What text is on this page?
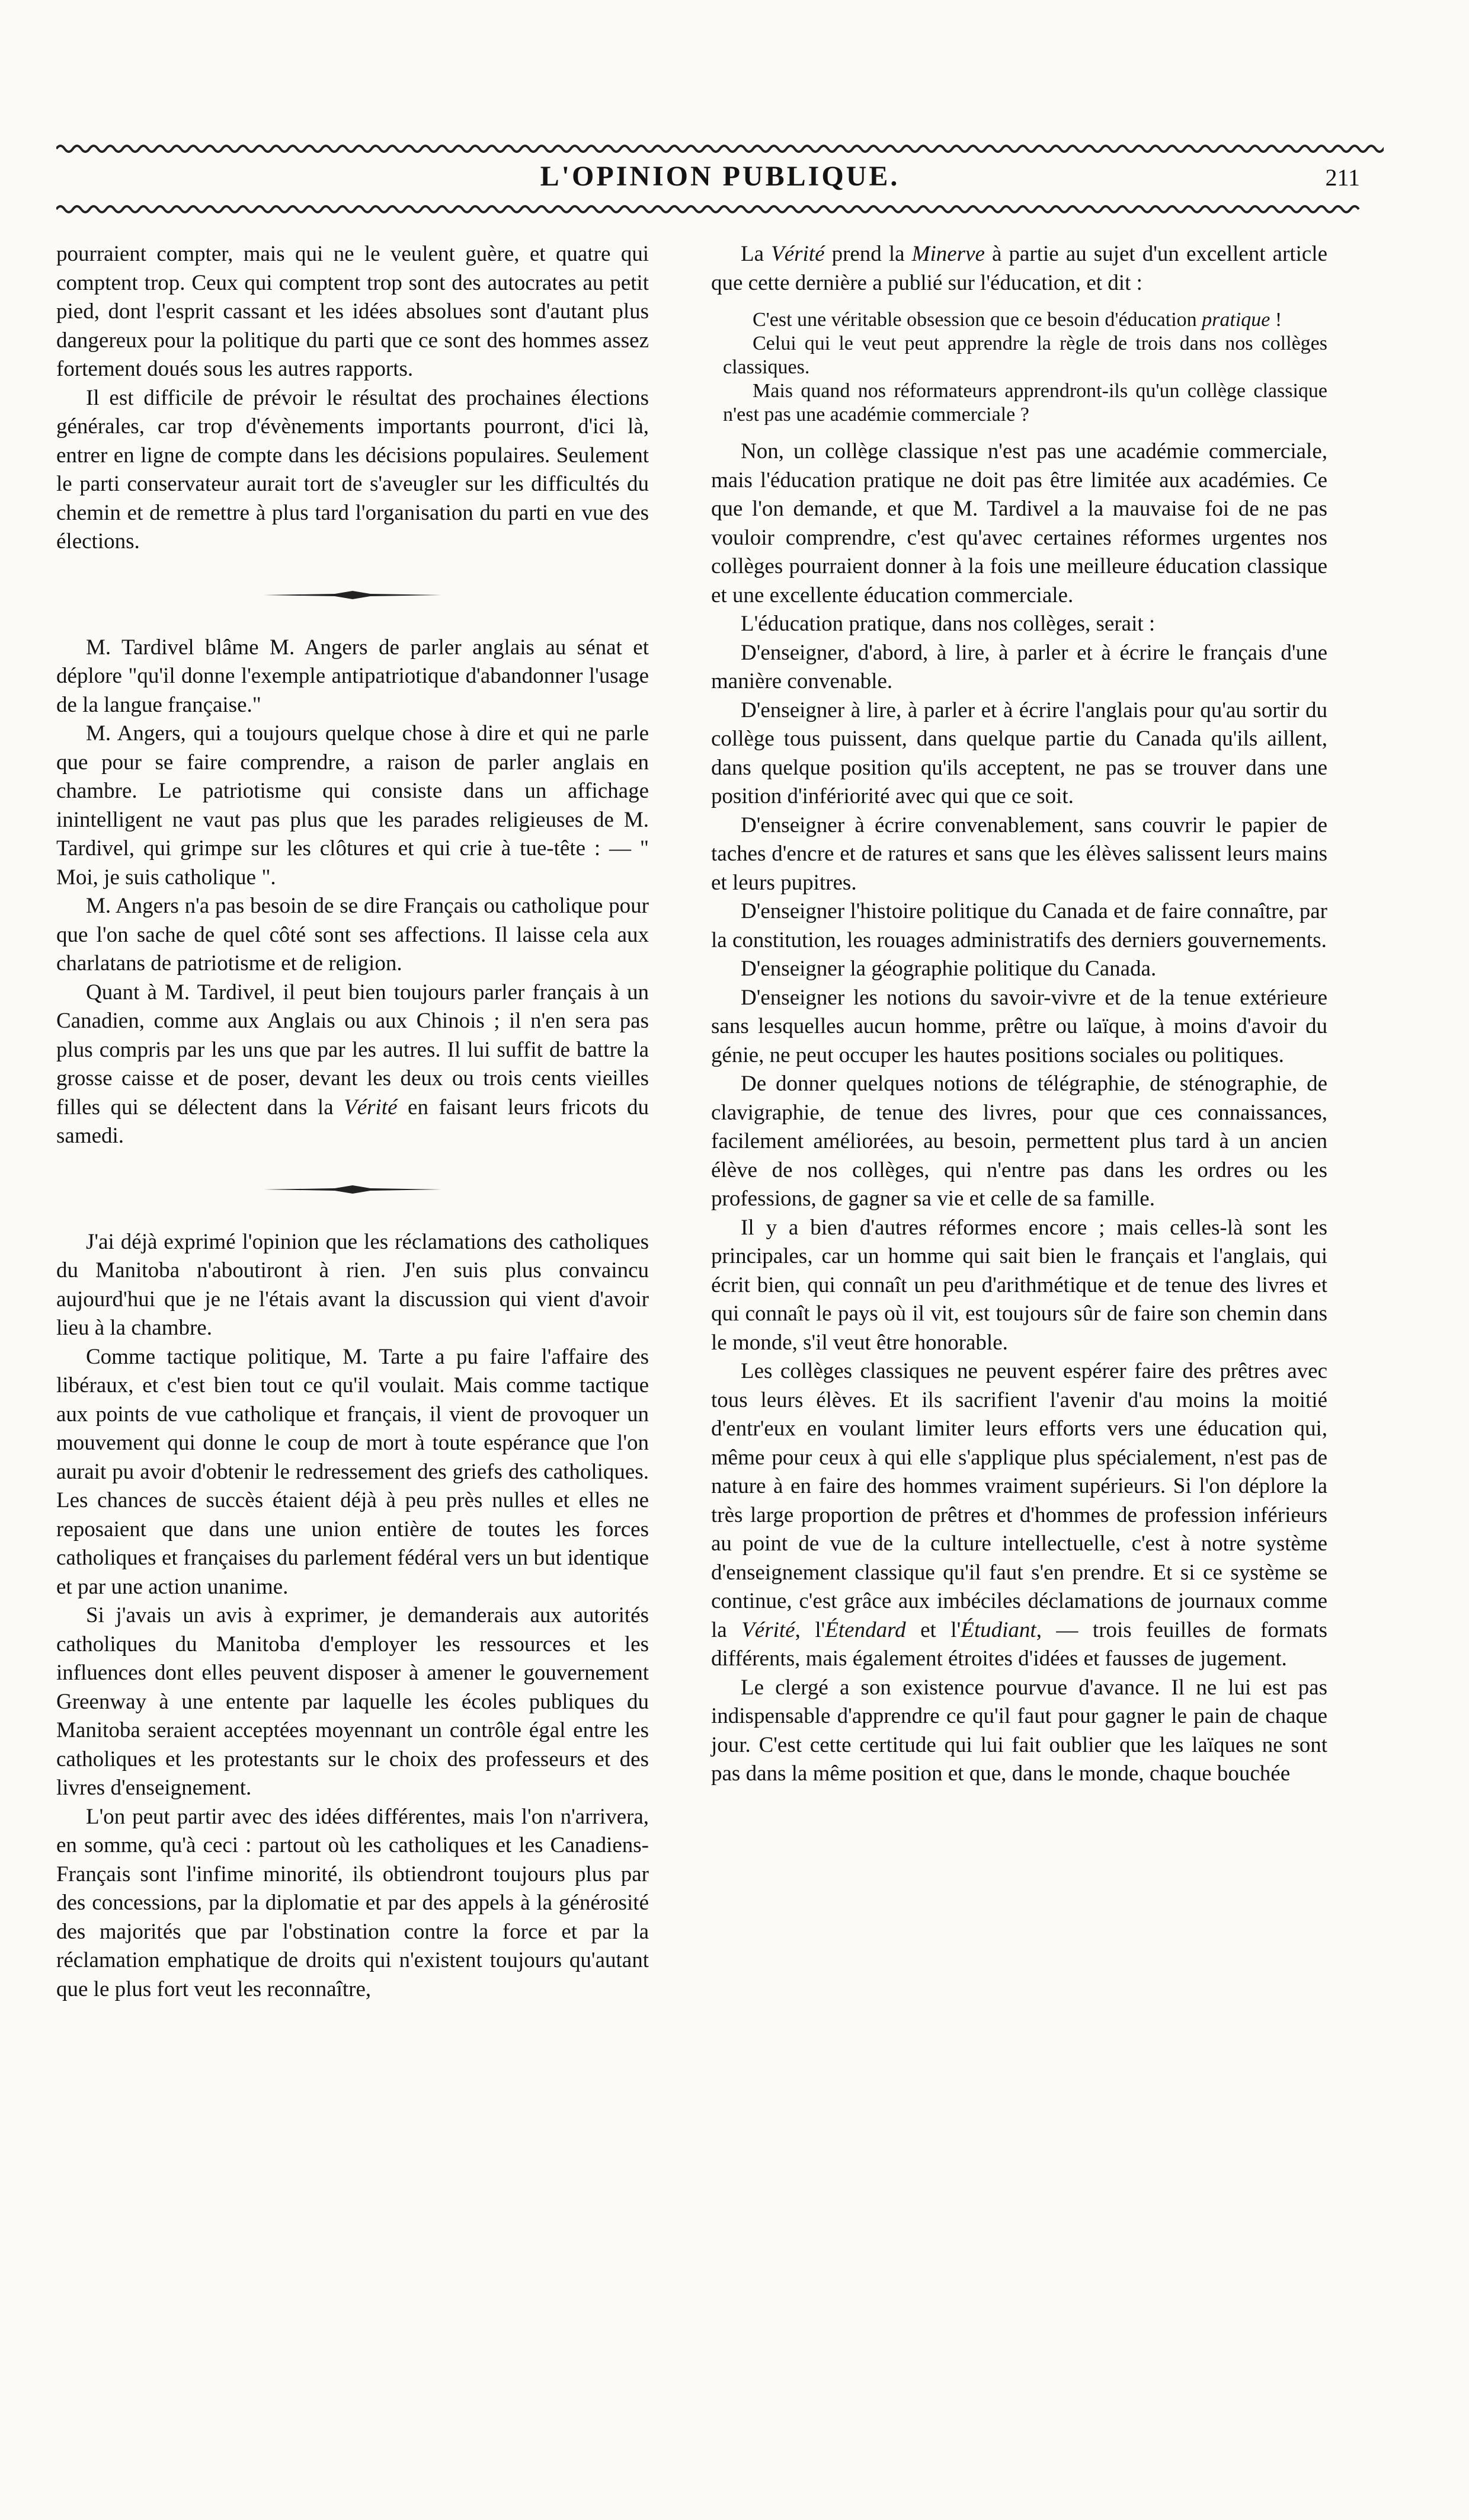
L'OPINION PUBLIQUE.	211

pourraient compter, mais qui ne le veulent guère, et quatre qui comptent trop. Ceux qui comptent trop sont des autocrates au petit pied, dont l'esprit cassant et les idées absolues sont d'autant plus dangereux pour la politique du parti que ce sont des hommes assez fortement doués sous les autres rapports.

Il est difficile de prévoir le résultat des prochaines élections générales, car trop d'évènements importants pourront, d'ici là, entrer en ligne de compte dans les décisions populaires. Seulement le parti conservateur aurait tort de s'aveugler sur les difficultés du chemin et de remettre à plus tard l'organisation du parti en vue des élections.

M. Tardivel blâme M. Angers de parler anglais au sénat et déplore "qu'il donne l'exemple antipatriotique d'abandonner l'usage de la langue française."

M. Angers, qui a toujours quelque chose à dire et qui ne parle que pour se faire comprendre, a raison de parler anglais en chambre. Le patriotisme qui consiste dans un affichage inintelligent ne vaut pas plus que les parades religieuses de M. Tardivel, qui grimpe sur les clôtures et qui crie à tue-tête : — " Moi, je suis catholique ".

M. Angers n'a pas besoin de se dire Français ou catholique pour que l'on sache de quel côté sont ses affections. Il laisse cela aux charlatans de patriotisme et de religion.

Quant à M. Tardivel, il peut bien toujours parler français à un Canadien, comme aux Anglais ou aux Chinois ; il n'en sera pas plus compris par les uns que par les autres. Il lui suffit de battre la grosse caisse et de poser, devant les deux ou trois cents vieilles filles qui se délectent dans la Vérité en faisant leurs fricots du samedi.

J'ai déjà exprimé l'opinion que les réclamations des catholiques du Manitoba n'aboutiront à rien. J'en suis plus convaincu aujourd'hui que je ne l'étais avant la discussion qui vient d'avoir lieu à la chambre.

Comme tactique politique, M. Tarte a pu faire l'affaire des libéraux, et c'est bien tout ce qu'il voulait. Mais comme tactique aux points de vue catholique et français, il vient de provoquer un mouvement qui donne le coup de mort à toute espérance que l'on aurait pu avoir d'obtenir le redressement des griefs des catholiques. Les chances de succès étaient déjà à peu près nulles et elles ne reposaient que dans une union entière de toutes les forces catholiques et françaises du parlement fédéral vers un but identique et par une action unanime.

Si j'avais un avis à exprimer, je demanderais aux autorités catholiques du Manitoba d'employer les ressources et les influences dont elles peuvent disposer à amener le gouvernement Greenway à une entente par laquelle les écoles publiques du Manitoba seraient acceptées moyennant un contrôle égal entre les catholiques et les protestants sur le choix des professeurs et des livres d'enseignement.

L'on peut partir avec des idées différentes, mais l'on n'arrivera, en somme, qu'à ceci : partout où les catholiques et les Canadiens-Français sont l'infime minorité, ils obtiendront toujours plus par des concessions, par la diplomatie et par des appels à la générosité des majorités que par l'obstination contre la force et par la réclamation emphatique de droits qui n'existent toujours qu'autant que le plus fort veut les reconnaître,

La Vérité prend la Minerve à partie au sujet d'un excellent article que cette dernière a publié sur l'éducation, et dit :

C'est une véritable obsession que ce besoin d'éducation pratique !

Celui qui le veut peut apprendre la règle de trois dans nos collèges classiques.

Mais quand nos réformateurs apprendront-ils qu'un collège classique n'est pas une académie commerciale ?

Non, un collège classique n'est pas une académie commerciale, mais l'éducation pratique ne doit pas être limitée aux académies. Ce que l'on demande, et que M. Tardivel a la mauvaise foi de ne pas vouloir comprendre, c'est qu'avec certaines réformes urgentes nos collèges pourraient donner à la fois une meilleure éducation classique et une excellente éducation commerciale.

L'éducation pratique, dans nos collèges, serait :

D'enseigner, d'abord, à lire, à parler et à écrire le français d'une manière convenable.

D'enseigner à lire, à parler et à écrire l'anglais pour qu'au sortir du collège tous puissent, dans quelque partie du Canada qu'ils aillent, dans quelque position qu'ils acceptent, ne pas se trouver dans une position d'infériorité avec qui que ce soit.

D'enseigner à écrire convenablement, sans couvrir le papier de taches d'encre et de ratures et sans que les élèves salissent leurs mains et leurs pupitres.

D'enseigner l'histoire politique du Canada et de faire connaître, par la constitution, les rouages administratifs des derniers gouvernements.

D'enseigner la géographie politique du Canada.

D'enseigner les notions du savoir-vivre et de la tenue extérieure sans lesquelles aucun homme, prêtre ou laïque, à moins d'avoir du génie, ne peut occuper les hautes positions sociales ou politiques.

De donner quelques notions de télégraphie, de sténographie, de clavigraphie, de tenue des livres, pour que ces connaissances, facilement améliorées, au besoin, permettent plus tard à un ancien élève de nos collèges, qui n'entre pas dans les ordres ou les professions, de gagner sa vie et celle de sa famille.

Il y a bien d'autres réformes encore ; mais celles-là sont les principales, car un homme qui sait bien le français et l'anglais, qui écrit bien, qui connaît un peu d'arithmétique et de tenue des livres et qui connaît le pays où il vit, est toujours sûr de faire son chemin dans le monde, s'il veut être honorable.

Les collèges classiques ne peuvent espérer faire des prêtres avec tous leurs élèves. Et ils sacrifient l'avenir d'au moins la moitié d'entr'eux en voulant limiter leurs efforts vers une éducation qui, même pour ceux à qui elle s'applique plus spécialement, n'est pas de nature à en faire des hommes vraiment supérieurs. Si l'on déplore la très large proportion de prêtres et d'hommes de profession inférieurs au point de vue de la culture intellectuelle, c'est à notre système d'enseignement classique qu'il faut s'en prendre. Et si ce système se continue, c'est grâce aux imbéciles déclamations de journaux comme la Vérité, l'Étendard et l'Étudiant, — trois feuilles de formats différents, mais également étroites d'idées et fausses de jugement.

Le clergé a son existence pourvue d'avance. Il ne lui est pas indispensable d'apprendre ce qu'il faut pour gagner le pain de chaque jour. C'est cette certitude qui lui fait oublier que les laïques ne sont pas dans la même position et que, dans le monde, chaque bouchée
